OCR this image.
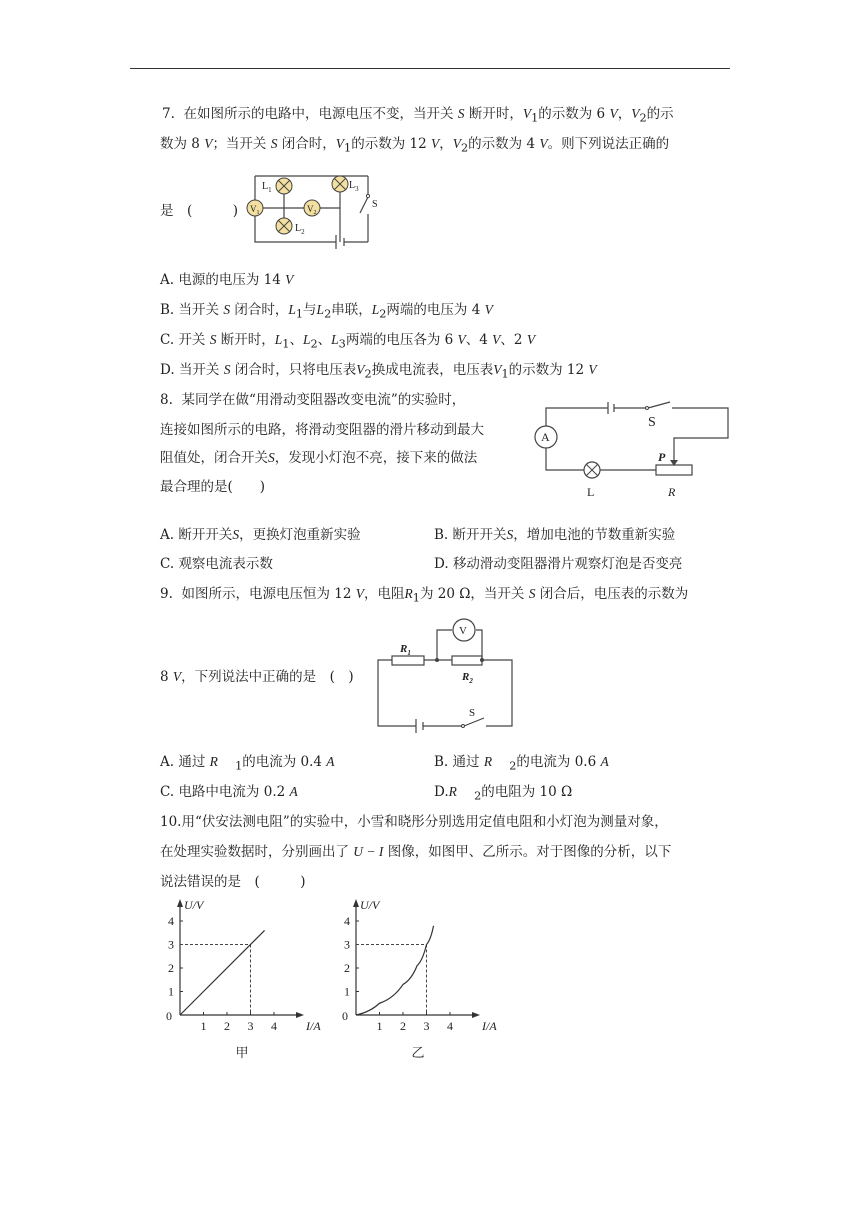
7. 在如图所示的电路中，电源电压不变，当开关 S 断开时，$V_1$的示数为 6 V，$V_2$的示
数为 8 V；当开关 S 闭合时，$V_1$的示数为 12 V，$V_2$的示数为 4 V。则下列说法正确的
是　(　　　)
$L_1$	$L_3$
$L_2$
$V_1$	$V_2$
S
A. 电源的电压为 14 V
B. 当开关 S 闭合时，$L_1$与$L_2$串联，$L_2$两端的电压为 4 V
C. 开关 S 断开时，$L_1$、$L_2$、$L_3$两端的电压各为 6 V、4 V、2 V
D. 当开关 S 闭合时，只将电压表$V_2$换成电流表，电压表$V_1$的示数为 12 V
8. 某同学在做“用滑动变阻器改变电流”的实验时，
连接如图所示的电路，将滑动变阻器的滑片移动到最大
阻值处，闭合开关S，发现小灯泡不亮，接下来的做法
最合理的是(　　)
A
S
P
L	R
A. 断开开关S，更换灯泡重新实验	B. 断开开关S，增加电池的节数重新实验
C. 观察电流表示数	D. 移动滑动变阻器滑片观察灯泡是否变亮
9. 如图所示，电源电压恒为 12 V，电阻$R_1$为 20 Ω，当开关 S 闭合后，电压表的示数为
8 V，下列说法中正确的是　(　)
V
$R_1$
$R_2$
S
A. 通过 R $_1$的电流为 0.4 A	B. 通过 R $_2$的电流为 0.6 A
C. 电路中电流为 0.2 A	D.R $_2$的电阻为 10 Ω
10.用“伏安法测电阻”的实验中，小雪和晓彤分别选用定值电阻和小灯泡为测量对象，
在处理实验数据时，分别画出了 U − I 图像，如图甲、乙所示。对于图像的分析，以下
说法错误的是　(　　　)
1 2 3 4
1
2
3
4
0
I/A
U/V
甲
1 2 3 4
1
2
3
4
0
I/A
U/V
乙
